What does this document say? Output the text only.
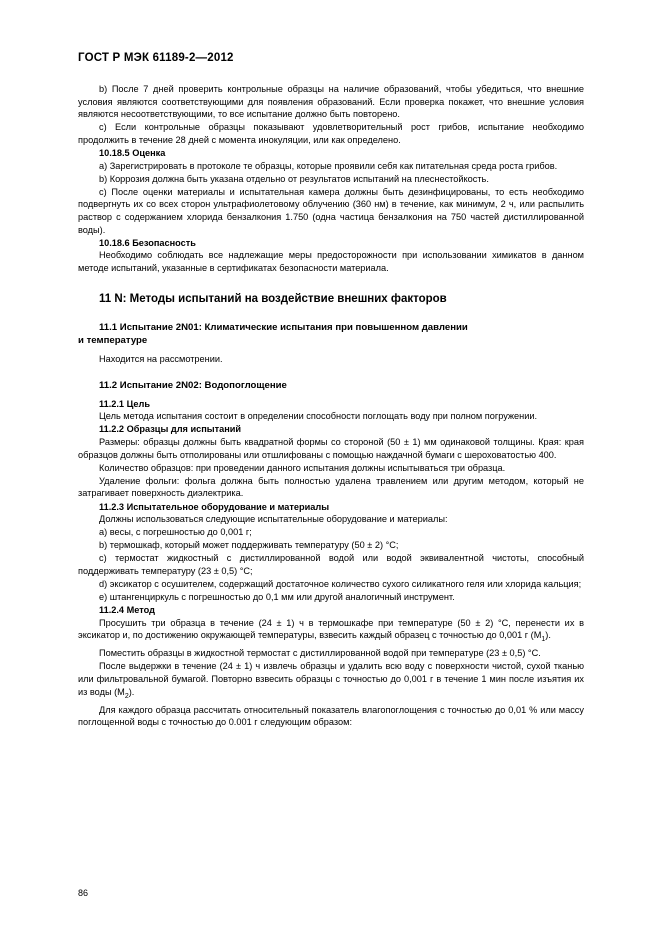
ГОСТ Р МЭК 61189-2—2012

b) После 7 дней проверить контрольные образцы на наличие образований, чтобы убедиться, что внешние условия являются соответствующими для появления образований. Если проверка покажет, что внешние условия являются несоответствующими, то все испытание должно быть повторено.

c) Если контрольные образцы показывают удовлетворительный рост грибов, испытание необходимо продолжить в течение 28 дней с момента инокуляции, или как определено.

10.18.5 Оценка

a) Зарегистрировать в протоколе те образцы, которые проявили себя как питательная среда роста грибов.

b) Коррозия должна быть указана отдельно от результатов испытаний на плеснестойкость.

c) После оценки материалы и испытательная камера должны быть дезинфицированы, то есть необходимо подвергнуть их со всех сторон ультрафиолетовому облучению (360 нм) в течение, как минимум, 2 ч, или распылить раствор с содержанием хлорида бензалкония 1.750 (одна частица бензалкония на 750 частей дистиллированной воды).

10.18.6 Безопасность

Необходимо соблюдать все надлежащие меры предосторожности при использовании химикатов в данном методе испытаний, указанные в сертификатах безопасности материала.

11 N: Методы испытаний на воздействие внешних факторов
11.1 Испытание 2N01: Климатические испытания при повышенном давлении
и температуре

Находится на рассмотрении.

11.2 Испытание 2N02: Водопоглощение
11.2.1 Цель

Цель метода испытания состоит в определении способности поглощать воду при полном погружении.

11.2.2 Образцы для испытаний

Размеры: образцы должны быть квадратной формы со стороной (50 ± 1) мм одинаковой толщины. Края: края образцов должны быть отполированы или отшлифованы с помощью наждачной бумаги с шероховатостью 400.

Количество образцов: при проведении данного испытания должны испытываться три образца.

Удаление фольги: фольга должна быть полностью удалена травлением или другим методом, который не затрагивает поверхность диэлектрика.

11.2.3 Испытательное оборудование и материалы

Должны использоваться следующие испытательные оборудование и материалы:

a) весы, с погрешностью до 0,001 г;

b) термошкаф, который может поддерживать температуру (50 ± 2) °C;

c) термостат жидкостный с дистиллированной водой или водой эквивалентной чистоты, способный поддерживать температуру (23 ± 0,5) °C;

d) эксикатор с осушителем, содержащий достаточное количество сухого силикатного геля или хлорида кальция;

e) штангенциркуль с погрешностью до 0,1 мм или другой аналогичный инструмент.

11.2.4 Метод

Просушить три образца в течение (24 ± 1) ч в термошкафе при температуре (50 ± 2) °C, перенести их в эксикатор и, по достижению окружающей температуры, взвесить каждый образец с точностью до 0,001 г $(M_1)$.

Поместить образцы в жидкостной термостат с дистиллированной водой при температуре (23 ± 0,5) °C.

После выдержки в течение (24 ± 1) ч извлечь образцы и удалить всю воду с поверхности чистой, сухой тканью или фильтровальной бумагой. Повторно взвесить образцы с точностью до 0,001 г в течение 1 мин после изъятия их из воды $(M_2)$.

Для каждого образца рассчитать относительный показатель влагопоглощения с точностью до 0,01 % или массу поглощенной воды с точностью до 0.001 г следующим образом:

86
